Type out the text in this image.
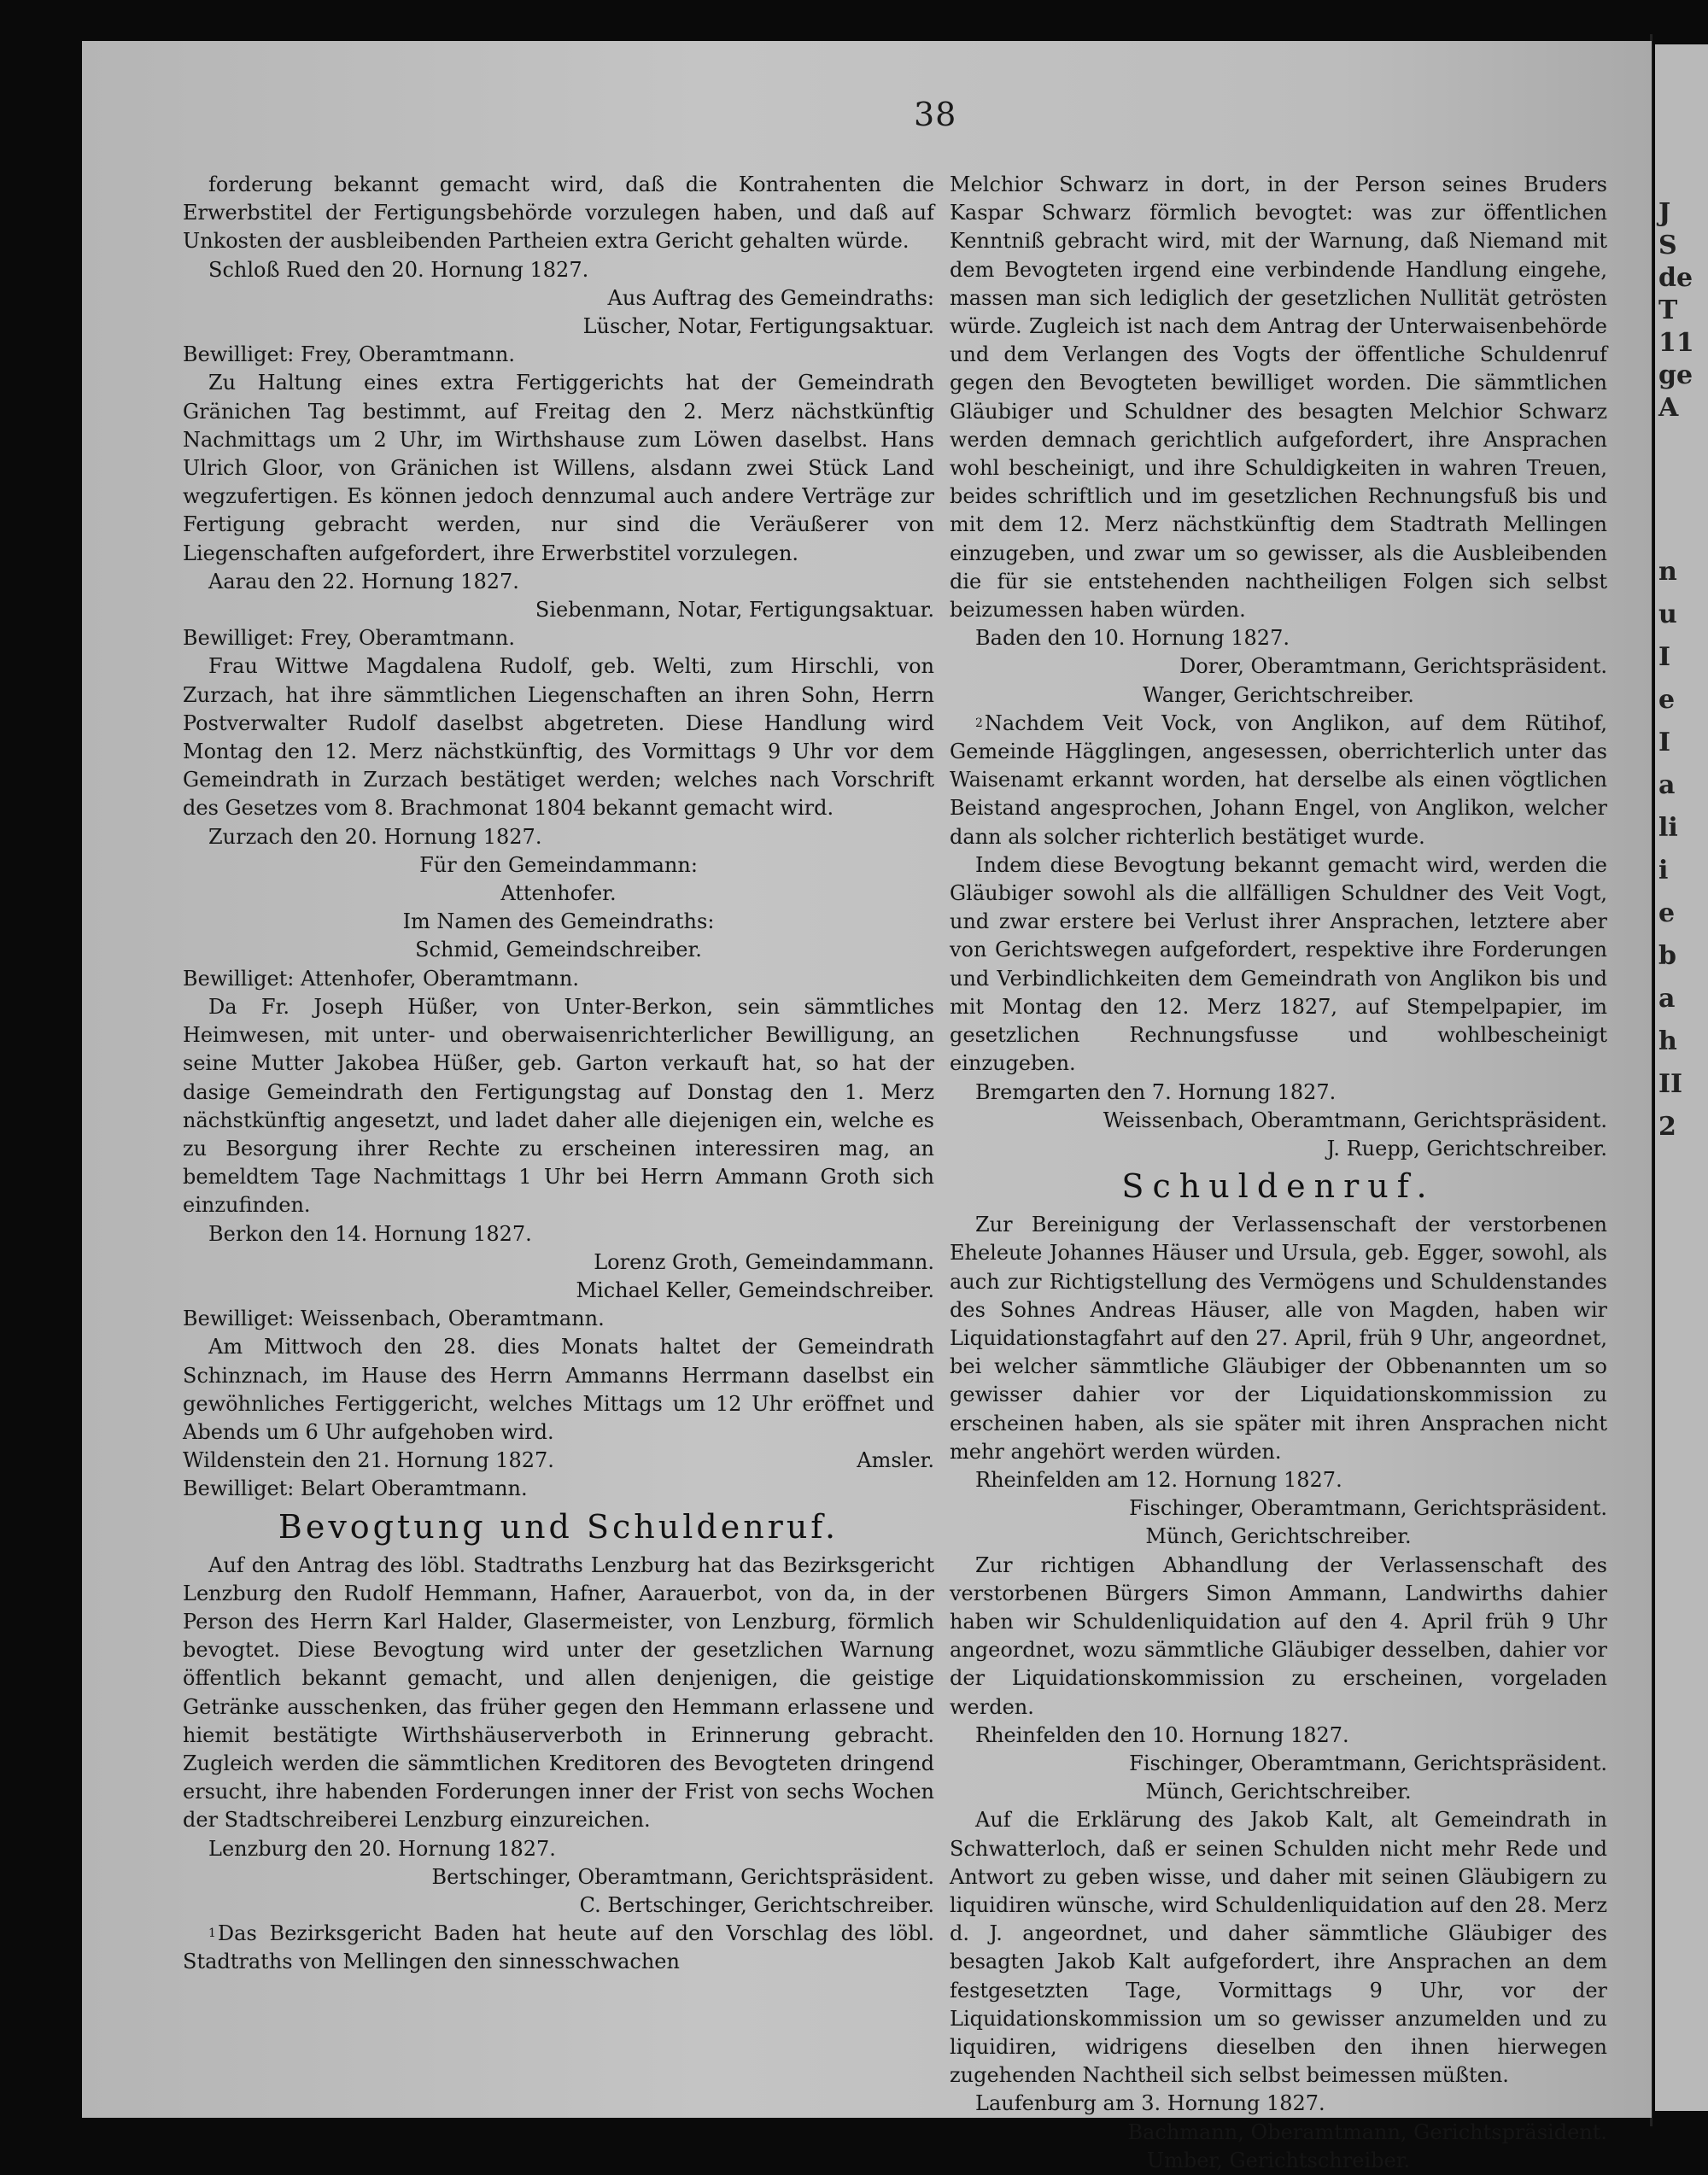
J
S
de
T
11
ge
A
n
u
I
e
I
a
li
i
e
b
a
h
II
2
38

forderung bekannt gemacht wird, daß die Kontrahenten die Erwerbstitel der Fertigungsbehörde vorzulegen haben, und daß auf Unkosten der ausbleibenden Partheien extra Gericht gehalten würde.

Schloß Rued den 20. Hornung 1827.

Aus Auftrag des Gemeindraths:

Lüscher, Notar, Fertigungsaktuar.

Bewilliget: Frey, Oberamtmann.

Zu Haltung eines extra Fertiggerichts hat der Gemeindrath Gränichen Tag bestimmt, auf Freitag den 2. Merz nächstkünftig Nachmittags um 2 Uhr, im Wirthshause zum Löwen daselbst. Hans Ulrich Gloor, von Gränichen ist Willens, alsdann zwei Stück Land wegzufertigen. Es können jedoch dennzumal auch andere Verträge zur Fertigung gebracht werden, nur sind die Veräußerer von Liegenschaften aufgefordert, ihre Erwerbstitel vorzulegen.

Aarau den 22. Hornung 1827.

Siebenmann, Notar, Fertigungsaktuar.

Bewilliget: Frey, Oberamtmann.

Frau Wittwe Magdalena Rudolf, geb. Welti, zum Hirschli, von Zurzach, hat ihre sämmtlichen Liegenschaften an ihren Sohn, Herrn Postverwalter Rudolf daselbst abgetreten. Diese Handlung wird Montag den 12. Merz nächstkünftig, des Vormittags 9 Uhr vor dem Gemeindrath in Zurzach bestätiget werden; welches nach Vorschrift des Gesetzes vom 8. Brachmonat 1804 bekannt gemacht wird.

Zurzach den 20. Hornung 1827.

Für den Gemeindammann:

Attenhofer.

Im Namen des Gemeindraths:

Schmid, Gemeindschreiber.

Bewilliget: Attenhofer, Oberamtmann.

Da Fr. Joseph Hüßer, von Unter-Berkon, sein sämmtliches Heimwesen, mit unter- und oberwaisenrichterlicher Bewilligung, an seine Mutter Jakobea Hüßer, geb. Garton verkauft hat, so hat der dasige Gemeindrath den Fertigungstag auf Donstag den 1. Merz nächstkünftig angesetzt, und ladet daher alle diejenigen ein, welche es zu Besorgung ihrer Rechte zu erscheinen interessiren mag, an bemeldtem Tage Nachmittags 1 Uhr bei Herrn Ammann Groth sich einzufinden.

Berkon den 14. Hornung 1827.

Lorenz Groth, Gemeindammann.

Michael Keller, Gemeindschreiber.

Bewilliget: Weissenbach, Oberamtmann.

Am Mittwoch den 28. dies Monats haltet der Gemeindrath Schinznach, im Hause des Herrn Ammanns Herrmann daselbst ein gewöhnliches Fertiggericht, welches Mittags um 12 Uhr eröffnet und Abends um 6 Uhr aufgehoben wird.

Wildenstein den 21. Hornung 1827.	Amsler.

Bewilliget: Belart Oberamtmann.

Bevogtung und Schuldenruf.

Auf den Antrag des löbl. Stadtraths Lenzburg hat das Bezirksgericht Lenzburg den Rudolf Hemmann, Hafner, Aarauerbot, von da, in der Person des Herrn Karl Halder, Glasermeister, von Lenzburg, förmlich bevogtet. Diese Bevogtung wird unter der gesetzlichen Warnung öffentlich bekannt gemacht, und allen denjenigen, die geistige Getränke ausschenken, das früher gegen den Hemmann erlassene und hiemit bestätigte Wirthshäuserverboth in Erinnerung gebracht. Zugleich werden die sämmtlichen Kreditoren des Bevogteten dringend ersucht, ihre habenden Forderungen inner der Frist von sechs Wochen der Stadtschreiberei Lenzburg einzureichen.

Lenzburg den 20. Hornung 1827.

Bertschinger, Oberamtmann, Gerichtspräsident.

C. Bertschinger, Gerichtschreiber.

$^1$Das Bezirksgericht Baden hat heute auf den Vorschlag des löbl. Stadtraths von Mellingen den sinnesschwachen

Melchior Schwarz in dort, in der Person seines Bruders Kaspar Schwarz förmlich bevogtet: was zur öffentlichen Kenntniß gebracht wird, mit der Warnung, daß Niemand mit dem Bevogteten irgend eine verbindende Handlung eingehe, massen man sich lediglich der gesetzlichen Nullität getrösten würde. Zugleich ist nach dem Antrag der Unterwaisenbehörde und dem Verlangen des Vogts der öffentliche Schuldenruf gegen den Bevogteten bewilliget worden. Die sämmtlichen Gläubiger und Schuldner des besagten Melchior Schwarz werden demnach gerichtlich aufgefordert, ihre Ansprachen wohl bescheinigt, und ihre Schuldigkeiten in wahren Treuen, beides schriftlich und im gesetzlichen Rechnungsfuß bis und mit dem 12. Merz nächstkünftig dem Stadtrath Mellingen einzugeben, und zwar um so gewisser, als die Ausbleibenden die für sie entstehenden nachtheiligen Folgen sich selbst beizumessen haben würden.

Baden den 10. Hornung 1827.

Dorer, Oberamtmann, Gerichtspräsident.

Wanger, Gerichtschreiber.

$^2$Nachdem Veit Vock, von Anglikon, auf dem Rütihof, Gemeinde Hägglingen, angesessen, oberrichterlich unter das Waisenamt erkannt worden, hat derselbe als einen vögtlichen Beistand angesprochen, Johann Engel, von Anglikon, welcher dann als solcher richterlich bestätiget wurde.

Indem diese Bevogtung bekannt gemacht wird, werden die Gläubiger sowohl als die allfälligen Schuldner des Veit Vogt, und zwar erstere bei Verlust ihrer Ansprachen, letztere aber von Gerichtswegen aufgefordert, respektive ihre Forderungen und Verbindlichkeiten dem Gemeindrath von Anglikon bis und mit Montag den 12. Merz 1827, auf Stempelpapier, im gesetzlichen Rechnungsfusse und wohlbescheinigt einzugeben.

Bremgarten den 7. Hornung 1827.

Weissenbach, Oberamtmann, Gerichtspräsident.

J. Ruepp, Gerichtschreiber.

Schuldenruf.

Zur Bereinigung der Verlassenschaft der verstorbenen Eheleute Johannes Häuser und Ursula, geb. Egger, sowohl, als auch zur Richtigstellung des Vermögens und Schuldenstandes des Sohnes Andreas Häuser, alle von Magden, haben wir Liquidationstagfahrt auf den 27. April, früh 9 Uhr, angeordnet, bei welcher sämmtliche Gläubiger der Obbenannten um so gewisser dahier vor der Liquidationskommission zu erscheinen haben, als sie später mit ihren Ansprachen nicht mehr angehört werden würden.

Rheinfelden am 12. Hornung 1827.

Fischinger, Oberamtmann, Gerichtspräsident.

Münch, Gerichtschreiber.

Zur richtigen Abhandlung der Verlassenschaft des verstorbenen Bürgers Simon Ammann, Landwirths dahier haben wir Schuldenliquidation auf den 4. April früh 9 Uhr angeordnet, wozu sämmtliche Gläubiger desselben, dahier vor der Liquidationskommission zu erscheinen, vorgeladen werden.

Rheinfelden den 10. Hornung 1827.

Fischinger, Oberamtmann, Gerichtspräsident.

Münch, Gerichtschreiber.

Auf die Erklärung des Jakob Kalt, alt Gemeindrath in Schwatterloch, daß er seinen Schulden nicht mehr Rede und Antwort zu geben wisse, und daher mit seinen Gläubigern zu liquidiren wünsche, wird Schuldenliquidation auf den 28. Merz d. J. angeordnet, und daher sämmtliche Gläubiger des besagten Jakob Kalt aufgefordert, ihre Ansprachen an dem festgesetzten Tage, Vormittags 9 Uhr, vor der Liquidationskommission um so gewisser anzumelden und zu liquidiren, widrigens dieselben den ihnen hierwegen zugehenden Nachtheil sich selbst beimessen müßten.

Laufenburg am 3. Hornung 1827.

Bachmann, Oberamtmann, Gerichtspräsident.

Umber, Gerichtschreiber.
